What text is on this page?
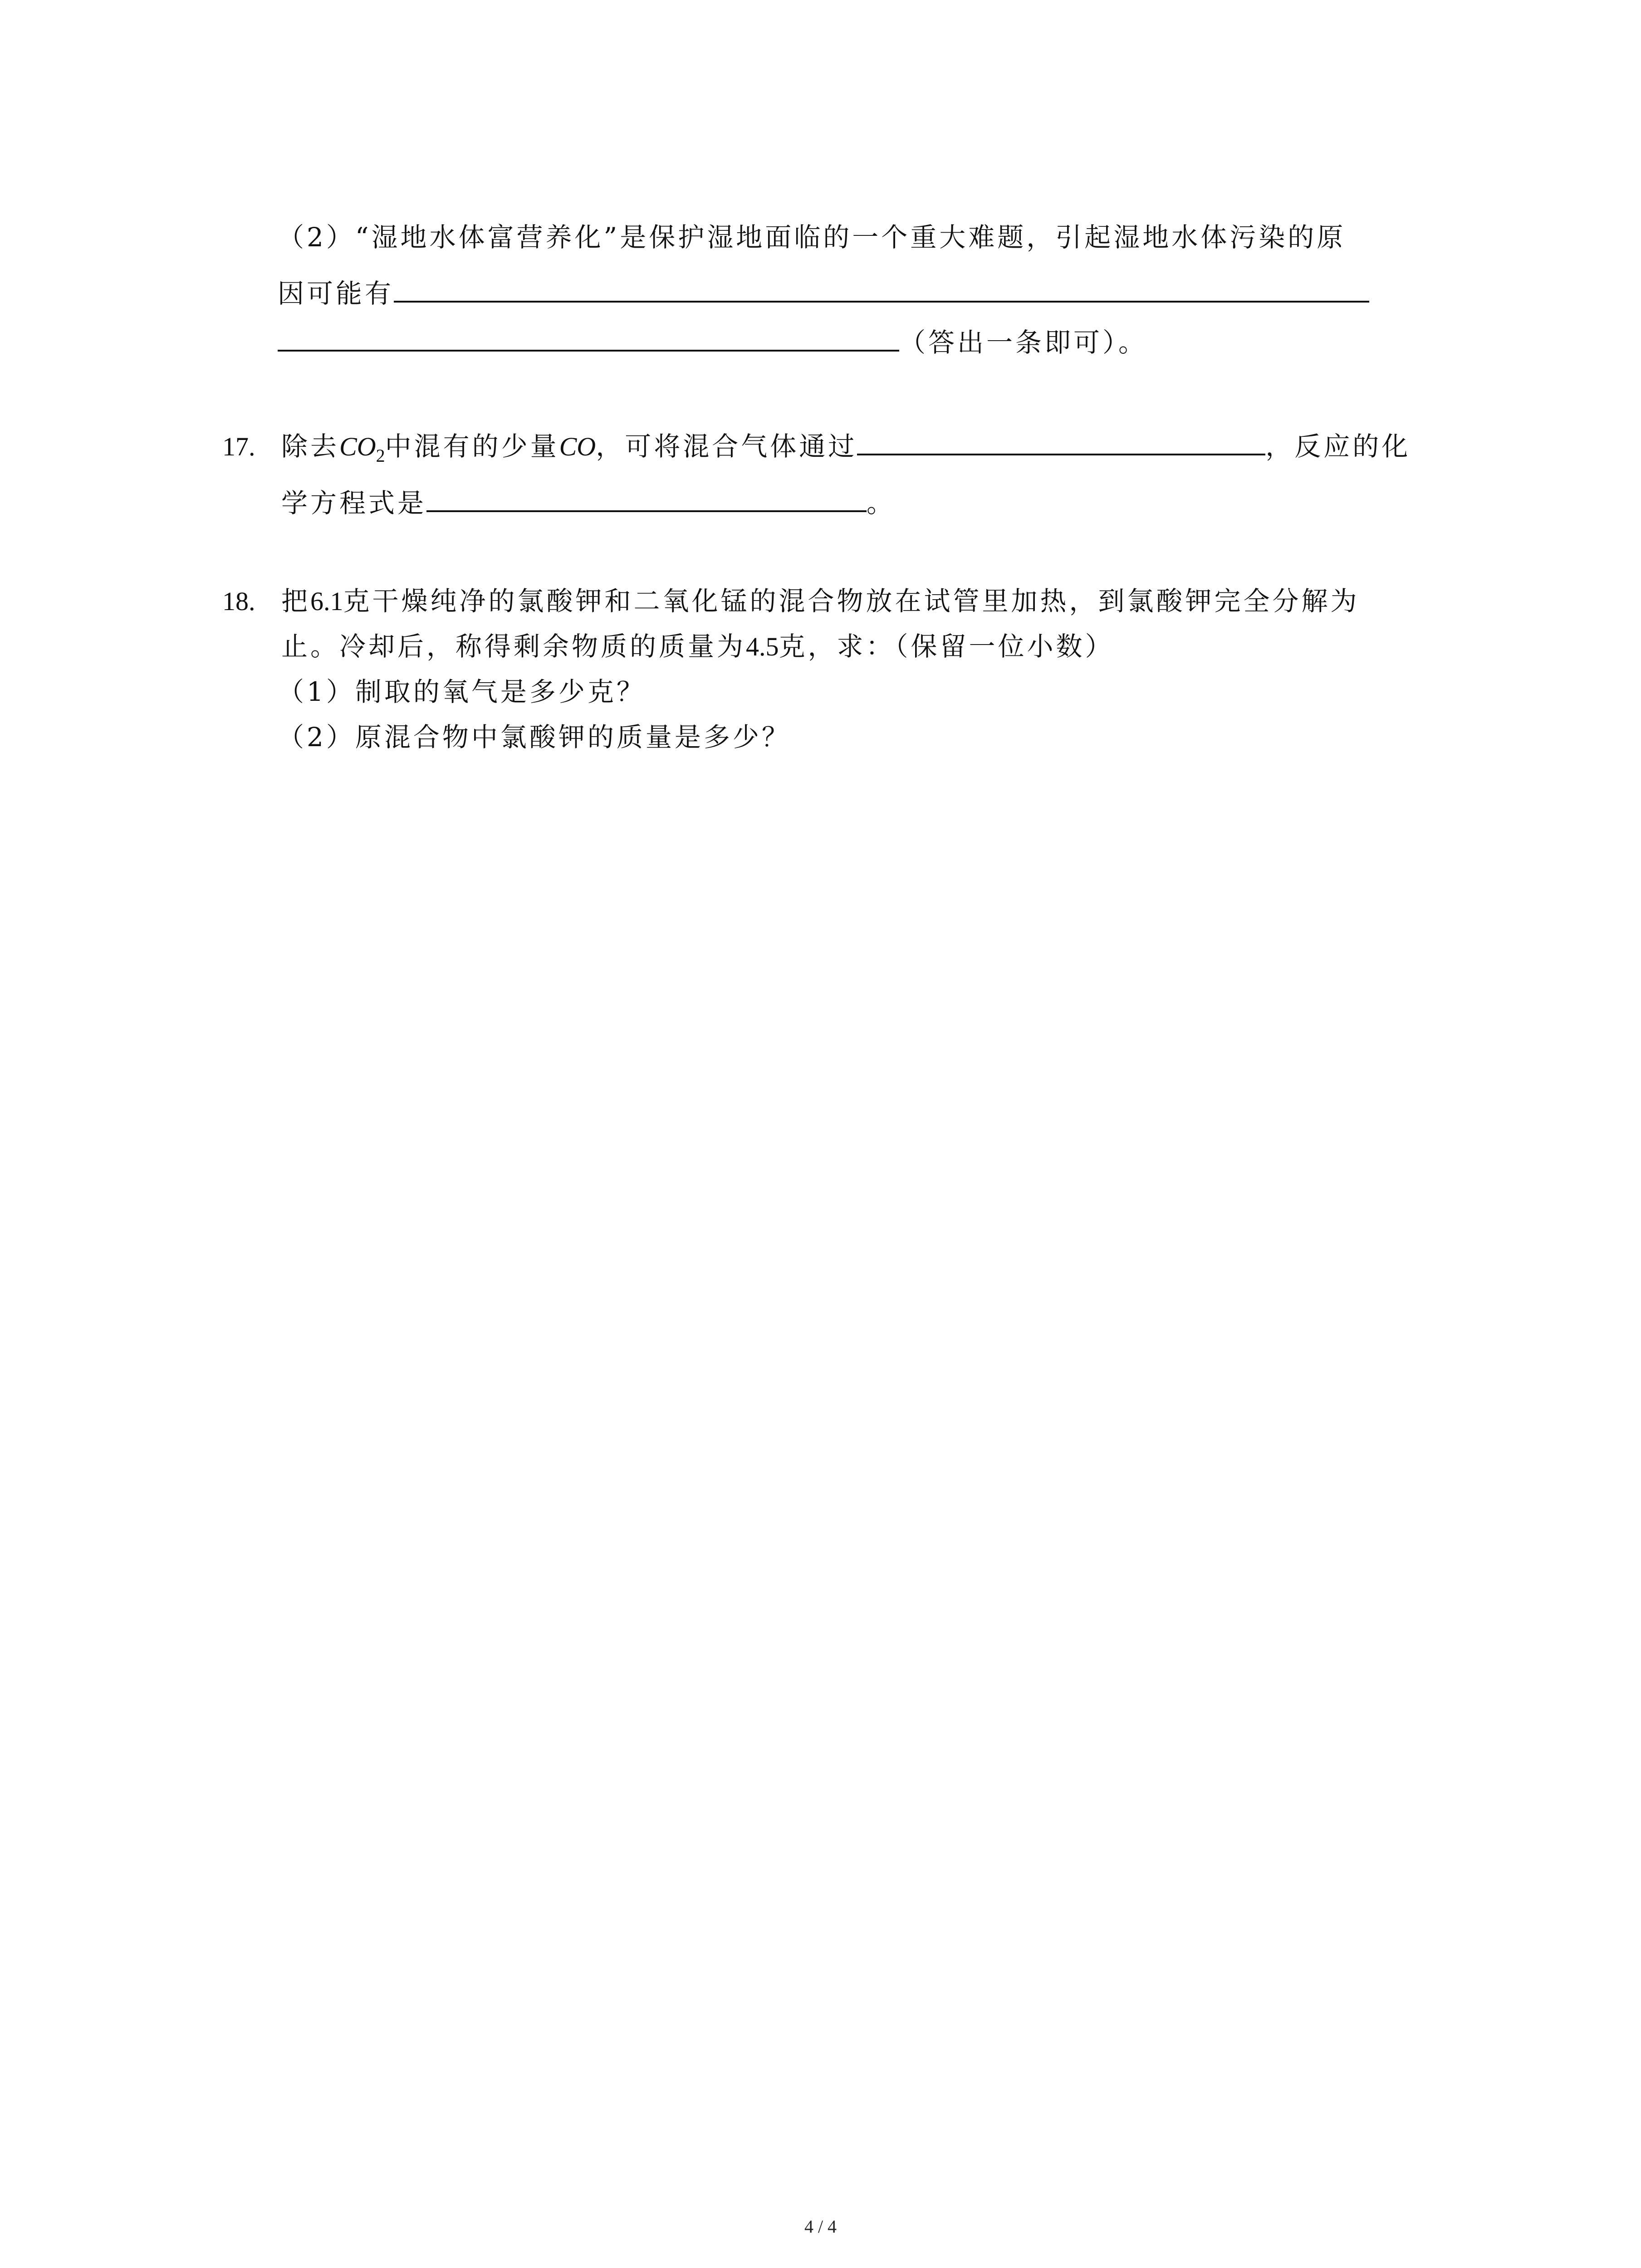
（2）“湿地水体富营养化”是保护湿地面临的一个重大难题，引起湿地水体污染的原
因可能有
（答出一条即可）。
17. 除去$CO_2$中混有的少量CO，可将混合气体通过	，反应的化
学方程式是	。
18. 把6.1克干燥纯净的氯酸钾和二氧化锰的混合物放在试管里加热，到氯酸钾完全分解为
止。冷却后，称得剩余物质的质量为4.5克，求：（保留一位小数）
（1）制取的氧气是多少克？
（2）原混合物中氯酸钾的质量是多少？
4 / 4
